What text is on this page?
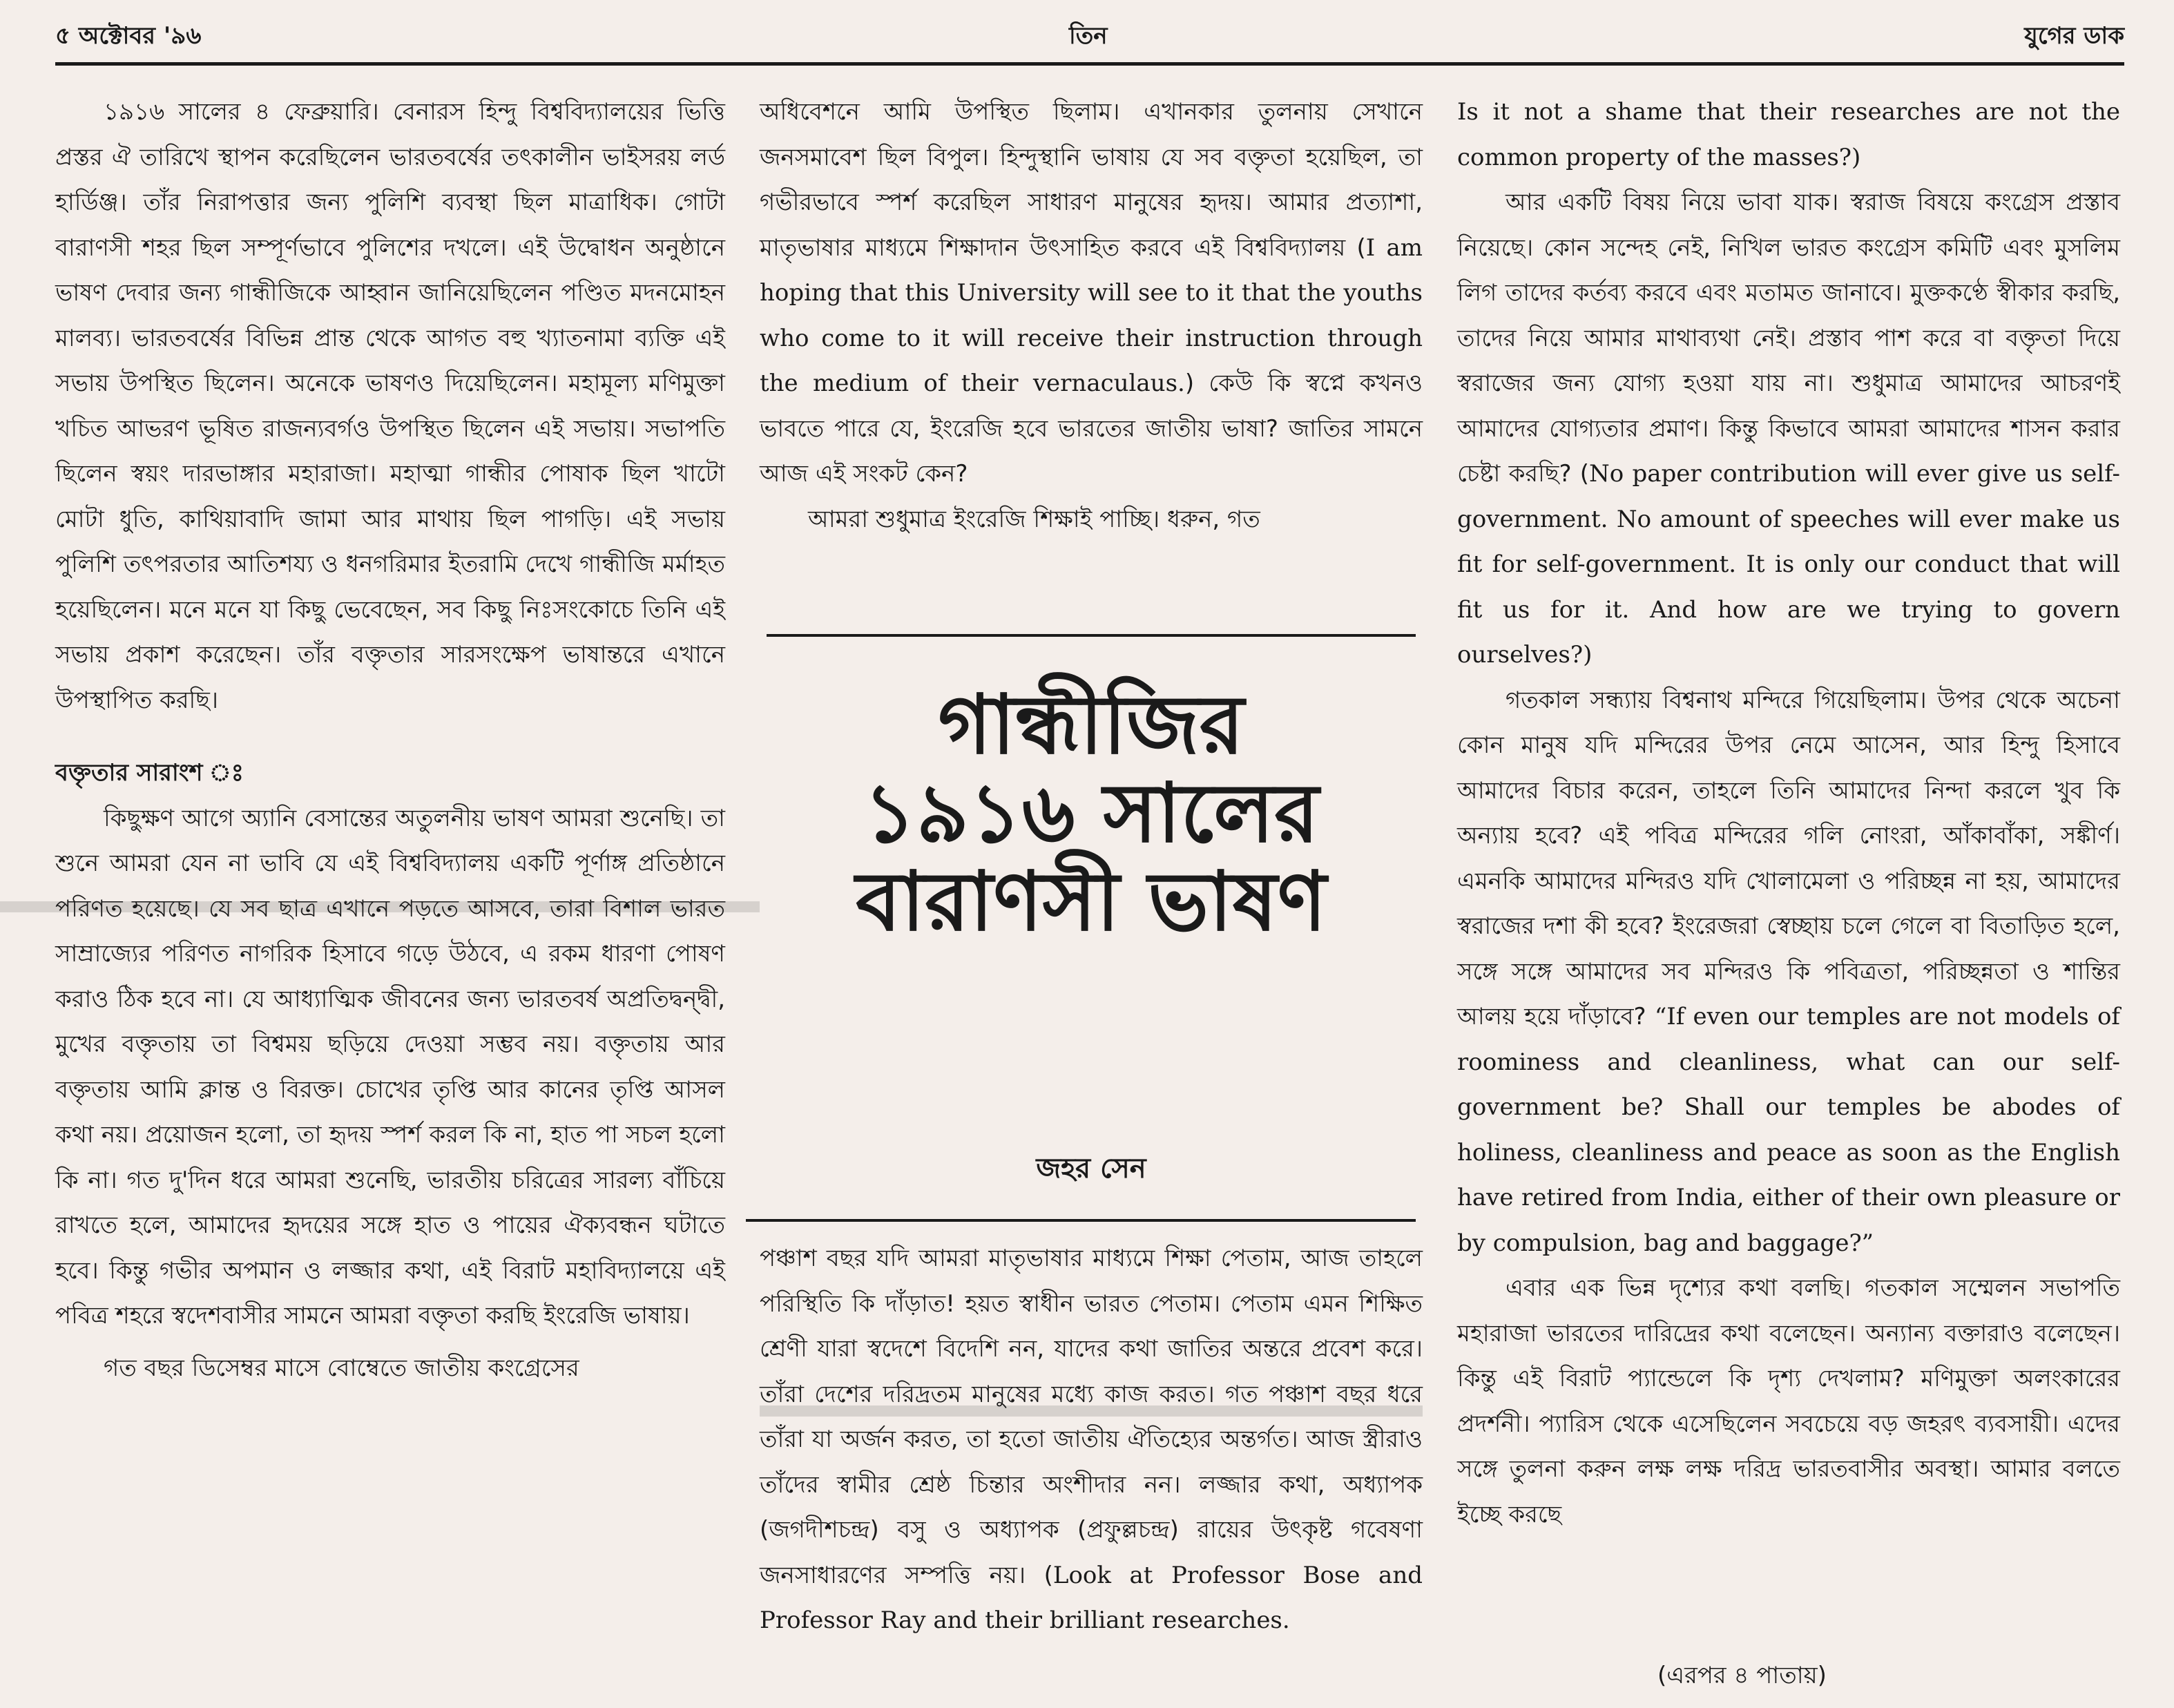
৫ অক্টোবর '৯৬	তিন	যুগের ডাক

১৯১৬ সালের ৪ ফেব্রুয়ারি। বেনারস হিন্দু বিশ্ববিদ্যালয়ের ভিত্তি প্রস্তর ঐ তারিখে স্থাপন করেছিলেন ভারতবর্ষের তৎকালীন ভাইসরয় লর্ড হার্ডিঞ্জ। তাঁর নিরাপত্তার জন্য পুলিশি ব্যবস্থা ছিল মাত্রাধিক। গোটা বারাণসী শহর ছিল সম্পূর্ণভাবে পুলিশের দখলে। এই উদ্বোধন অনুষ্ঠানে ভাষণ দেবার জন্য গান্ধীজিকে আহ্বান জানিয়েছিলেন পণ্ডিত মদনমোহন মালব্য। ভারতবর্ষের বিভিন্ন প্রান্ত থেকে আগত বহু খ্যাতনামা ব্যক্তি এই সভায় উপস্থিত ছিলেন। অনেকে ভাষণও দিয়েছিলেন। মহামূল্য মণিমুক্তা খচিত আভরণ ভূষিত রাজন্যবর্গও উপস্থিত ছিলেন এই সভায়। সভাপতি ছিলেন স্বয়ং দারভাঙ্গার মহারাজা। মহাত্মা গান্ধীর পোষাক ছিল খাটো মোটা ধুতি, কাথিয়াবাদি জামা আর মাথায় ছিল পাগড়ি। এই সভায় পুলিশি তৎপরতার আতিশয্য ও ধনগরিমার ইতরামি দেখে গান্ধীজি মর্মাহত হয়েছিলেন। মনে মনে যা কিছু ভেবেছেন, সব কিছু নিঃসংকোচে তিনি এই সভায় প্রকাশ করেছেন। তাঁর বক্তৃতার সারসংক্ষেপ ভাষান্তরে এখানে উপস্থাপিত করছি।

বক্তৃতার সারাংশ ঃ

কিছুক্ষণ আগে অ্যানি বেসান্তের অতুলনীয় ভাষণ আমরা শুনেছি। তা শুনে আমরা যেন না ভাবি যে এই বিশ্ববিদ্যালয় একটি পূর্ণাঙ্গ প্রতিষ্ঠানে পরিণত হয়েছে। যে সব ছাত্র এখানে পড়তে আসবে, তারা বিশাল ভারত সাম্রাজ্যের পরিণত নাগরিক হিসাবে গড়ে উঠবে, এ রকম ধারণা পোষণ করাও ঠিক হবে না। যে আধ্যাত্মিক জীবনের জন্য ভারতবর্ষ অপ্রতিদ্বন্দ্বী, মুখের বক্তৃতায় তা বিশ্বময় ছড়িয়ে দেওয়া সম্ভব নয়। বক্তৃতায় আর বক্তৃতায় আমি ক্লান্ত ও বিরক্ত। চোখের তৃপ্তি আর কানের তৃপ্তি আসল কথা নয়। প্রয়োজন হলো, তা হৃদয় স্পর্শ করল কি না, হাত পা সচল হলো কি না। গত দু'দিন ধরে আমরা শুনেছি, ভারতীয় চরিত্রের সারল্য বাঁচিয়ে রাখতে হলে, আমাদের হৃদয়ের সঙ্গে হাত ও পায়ের ঐক্যবন্ধন ঘটাতে হবে। কিন্তু গভীর অপমান ও লজ্জার কথা, এই বিরাট মহাবিদ্যালয়ে এই পবিত্র শহরে স্বদেশবাসীর সামনে আমরা বক্তৃতা করছি ইংরেজি ভাষায়।

গত বছর ডিসেম্বর মাসে বোম্বেতে জাতীয় কংগ্রেসের

অধিবেশনে আমি উপস্থিত ছিলাম। এখানকার তুলনায় সেখানে জনসমাবেশ ছিল বিপুল। হিন্দুস্থানি ভাষায় যে সব বক্তৃতা হয়েছিল, তা গভীরভাবে স্পর্শ করেছিল সাধারণ মানুষের হৃদয়। আমার প্রত্যাশা, মাতৃভাষার মাধ্যমে শিক্ষাদান উৎসাহিত করবে এই বিশ্ববিদ্যালয় (I am hoping that this University will see to it that the youths who come to it will receive their instruction through the medium of their vernaculaus.) কেউ কি স্বপ্নে কখনও ভাবতে পারে যে, ইংরেজি হবে ভারতের জাতীয় ভাষা? জাতির সামনে আজ এই সংকট কেন?

আমরা শুধুমাত্র ইংরেজি শিক্ষাই পাচ্ছি। ধরুন, গত

গান্ধীজির
১৯১৬ সালের
বারাণসী ভাষণ
জহর সেন

পঞ্চাশ বছর যদি আমরা মাতৃভাষার মাধ্যমে শিক্ষা পেতাম, আজ তাহলে পরিস্থিতি কি দাঁড়াত! হয়ত স্বাধীন ভারত পেতাম। পেতাম এমন শিক্ষিত শ্রেণী যারা স্বদেশে বিদেশি নন, যাদের কথা জাতির অন্তরে প্রবেশ করে। তাঁরা দেশের দরিদ্রতম মানুষের মধ্যে কাজ করত। গত পঞ্চাশ বছর ধরে তাঁরা যা অর্জন করত, তা হতো জাতীয় ঐতিহ্যের অন্তর্গত। আজ স্ত্রীরাও তাঁদের স্বামীর শ্রেষ্ঠ চিন্তার অংশীদার নন। লজ্জার কথা, অধ্যাপক (জগদীশচন্দ্র) বসু ও অধ্যাপক (প্রফুল্লচন্দ্র) রায়ের উৎকৃষ্ট গবেষণা জনসাধারণের সম্পত্তি নয়। (Look at Professor Bose and Professor Ray and their brilliant researches.

Is it not a shame that their researches are not the common property of the masses?)

আর একটি বিষয় নিয়ে ভাবা যাক। স্বরাজ বিষয়ে কংগ্রেস প্রস্তাব নিয়েছে। কোন সন্দেহ নেই, নিখিল ভারত কংগ্রেস কমিটি এবং মুসলিম লিগ তাদের কর্তব্য করবে এবং মতামত জানাবে। মুক্তকণ্ঠে স্বীকার করছি, তাদের নিয়ে আমার মাথাব্যথা নেই। প্রস্তাব পাশ করে বা বক্তৃতা দিয়ে স্বরাজের জন্য যোগ্য হওয়া যায় না। শুধুমাত্র আমাদের আচরণই আমাদের যোগ্যতার প্রমাণ। কিন্তু কিভাবে আমরা আমাদের শাসন করার চেষ্টা করছি? (No paper contribution will ever give us self-government. No amount of speeches will ever make us fit for self-government. It is only our conduct that will fit us for it. And how are we trying to govern ourselves?)

গতকাল সন্ধ্যায় বিশ্বনাথ মন্দিরে গিয়েছিলাম। উপর থেকে অচেনা কোন মানুষ যদি মন্দিরের উপর নেমে আসেন, আর হিন্দু হিসাবে আমাদের বিচার করেন, তাহলে তিনি আমাদের নিন্দা করলে খুব কি অন্যায় হবে? এই পবিত্র মন্দিরের গলি নোংরা, আঁকাবাঁকা, সঙ্কীর্ণ। এমনকি আমাদের মন্দিরও যদি খোলামেলা ও পরিচ্ছন্ন না হয়, আমাদের স্বরাজের দশা কী হবে? ইংরেজরা স্বেচ্ছায় চলে গেলে বা বিতাড়িত হলে, সঙ্গে সঙ্গে আমাদের সব মন্দিরও কি পবিত্রতা, পরিচ্ছন্নতা ও শান্তির আলয় হয়ে দাঁড়াবে? “If even our temples are not models of roominess and cleanliness, what can our self-government be? Shall our temples be abodes of holiness, cleanliness and peace as soon as the English have retired from India, either of their own pleasure or by compulsion, bag and baggage?”

এবার এক ভিন্ন দৃশ্যের কথা বলছি। গতকাল সম্মেলন সভাপতি মহারাজা ভারতের দারিদ্রের কথা বলেছেন। অন্যান্য বক্তারাও বলেছেন। কিন্তু এই বিরাট প্যান্ডেলে কি দৃশ্য দেখলাম? মণিমুক্তা অলংকারের প্রদর্শনী। প্যারিস থেকে এসেছিলেন সবচেয়ে বড় জহরৎ ব্যবসায়ী। এদের সঙ্গে তুলনা করুন লক্ষ লক্ষ দরিদ্র ভারতবাসীর অবস্থা। আমার বলতে ইচ্ছে করছে

(এরপর ৪ পাতায়)
